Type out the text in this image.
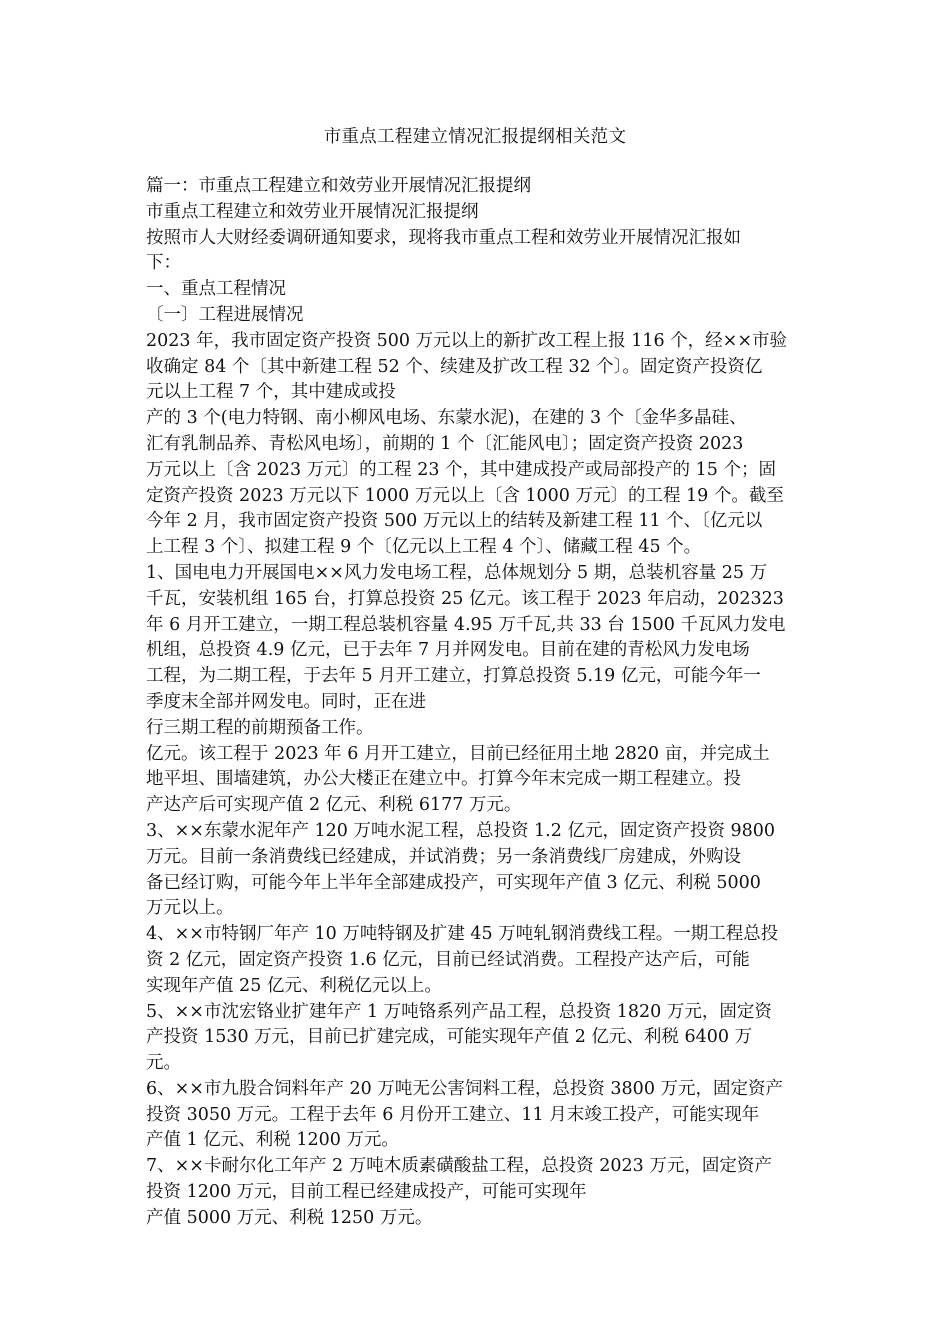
市重点工程建立情况汇报提纲相关范文
篇一：市重点工程建立和效劳业开展情况汇报提纲
市重点工程建立和效劳业开展情况汇报提纲
按照市人大财经委调研通知要求，现将我市重点工程和效劳业开展情况汇报如
下：
一、重点工程情况
〔一〕工程进展情况
2023 年，我市固定资产投资 500 万元以上的新扩改工程上报 116 个，经××市验
收确定 84 个〔其中新建工程 52 个、续建及扩改工程 32 个〕。固定资产投资亿
元以上工程 7 个，其中建成或投
产的 3 个(电力特钢、南小柳风电场、东蒙水泥)，在建的 3 个〔金华多晶硅、
汇有乳制品养、青松风电场〕，前期的 1 个〔汇能风电〕；固定资产投资 2023
万元以上〔含 2023 万元〕的工程 23 个，其中建成投产或局部投产的 15 个；固
定资产投资 2023 万元以下 1000 万元以上〔含 1000 万元〕的工程 19 个。截至
今年 2 月，我市固定资产投资 500 万元以上的结转及新建工程 11 个、〔亿元以
上工程 3 个〕、拟建工程 9 个〔亿元以上工程 4 个〕、储藏工程 45 个。
1、国电电力开展国电××风力发电场工程，总体规划分 5 期，总装机容量 25 万
千瓦，安装机组 165 台，打算总投资 25 亿元。该工程于 2023 年启动，202323
年 6 月开工建立，一期工程总装机容量 4.95 万千瓦,共 33 台 1500 千瓦风力发电
机组，总投资 4.9 亿元，已于去年 7 月并网发电。目前在建的青松风力发电场
工程，为二期工程，于去年 5 月开工建立，打算总投资 5.19 亿元，可能今年一
季度末全部并网发电。同时，正在进
行三期工程的前期预备工作。
亿元。该工程于 2023 年 6 月开工建立，目前已经征用土地 2820 亩，并完成土
地平坦、围墙建筑，办公大楼正在建立中。打算今年末完成一期工程建立。投
产达产后可实现产值 2 亿元、利税 6177 万元。
3、××东蒙水泥年产 120 万吨水泥工程，总投资 1.2 亿元，固定资产投资 9800
万元。目前一条消费线已经建成，并试消费；另一条消费线厂房建成，外购设
备已经订购，可能今年上半年全部建成投产，可实现年产值 3 亿元、利税 5000
万元以上。
4、××市特钢厂年产 10 万吨特钢及扩建 45 万吨轧钢消费线工程。一期工程总投
资 2 亿元，固定资产投资 1.6 亿元，目前已经试消费。工程投产达产后，可能
实现年产值 25 亿元、利税亿元以上。
5、××市沈宏铬业扩建年产 1 万吨铬系列产品工程，总投资 1820 万元，固定资
产投资 1530 万元，目前已扩建完成，可能实现年产值 2 亿元、利税 6400 万
元。
6、××市九股合饲料年产 20 万吨无公害饲料工程，总投资 3800 万元，固定资产
投资 3050 万元。工程于去年 6 月份开工建立、11 月末竣工投产，可能实现年
产值 1 亿元、利税 1200 万元。
7、××卡耐尔化工年产 2 万吨木质素磺酸盐工程，总投资 2023 万元，固定资产
投资 1200 万元，目前工程已经建成投产，可能可实现年
产值 5000 万元、利税 1250 万元。
